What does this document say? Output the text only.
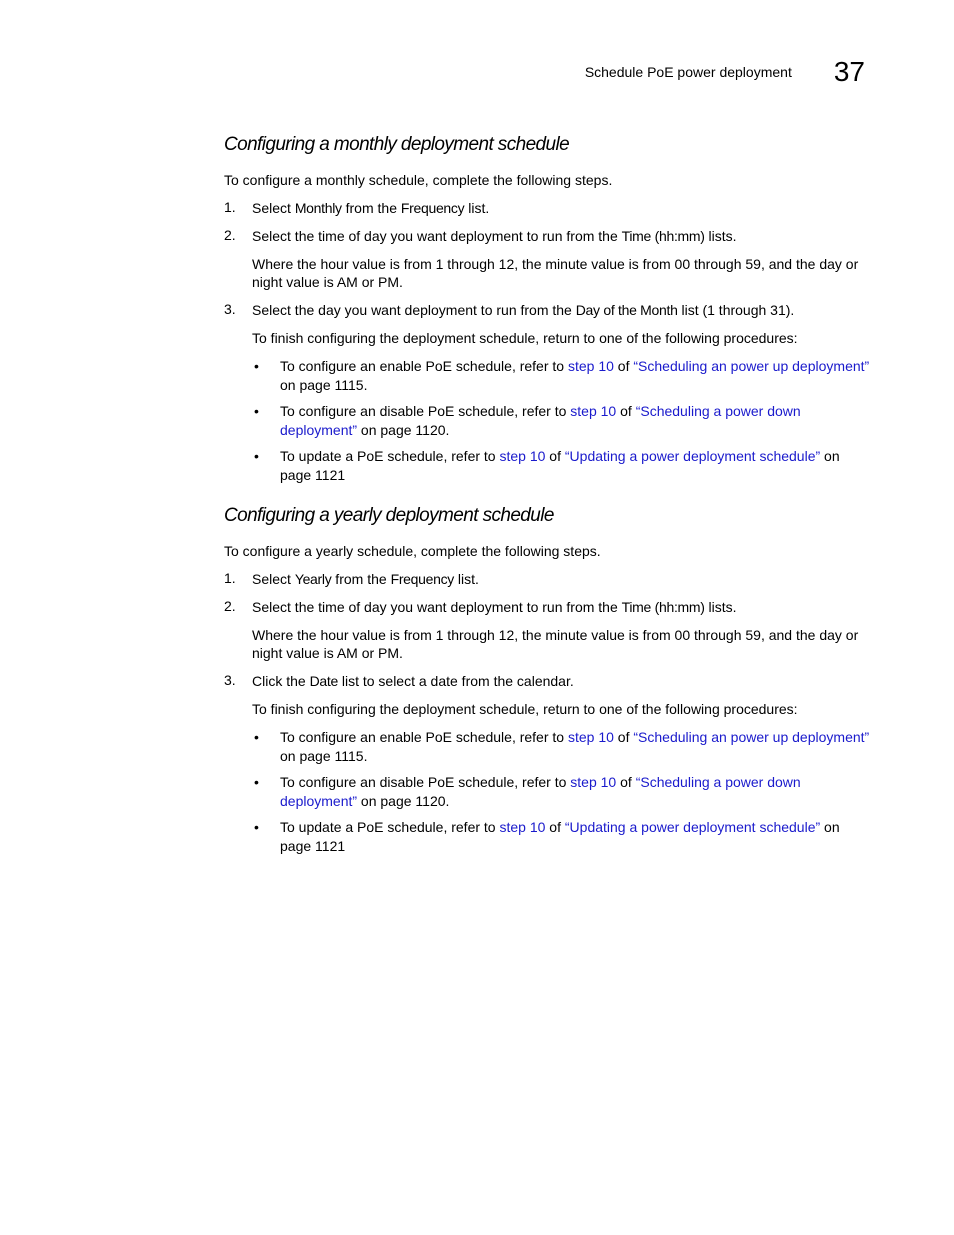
Schedule PoE power deployment 37
Configuring a monthly deployment schedule

To configure a monthly schedule, complete the following steps.

1. Select Monthly from the Frequency list.

2. Select the time of day you want deployment to run from the Time (hh:mm) lists.

Where the hour value is from 1 through 12, the minute value is from 00 through 59, and the day or night value is AM or PM.

3. Select the day you want deployment to run from the Day of the Month list (1 through 31).

To finish configuring the deployment schedule, return to one of the following procedures:

• To configure an enable PoE schedule, refer to step 10 of “Scheduling an power up deployment” on page 1115.
• To configure an disable PoE schedule, refer to step 10 of “Scheduling a power down deployment” on page 1120.
• To update a PoE schedule, refer to step 10 of “Updating a power deployment schedule” on page 1121
Configuring a yearly deployment schedule

To configure a yearly schedule, complete the following steps.

1. Select Yearly from the Frequency list.

2. Select the time of day you want deployment to run from the Time (hh:mm) lists.

Where the hour value is from 1 through 12, the minute value is from 00 through 59, and the day or night value is AM or PM.

3. Click the Date list to select a date from the calendar.

To finish configuring the deployment schedule, return to one of the following procedures:

• To configure an enable PoE schedule, refer to step 10 of “Scheduling an power up deployment” on page 1115.
• To configure an disable PoE schedule, refer to step 10 of “Scheduling a power down deployment” on page 1120.
• To update a PoE schedule, refer to step 10 of “Updating a power deployment schedule” on page 1121
